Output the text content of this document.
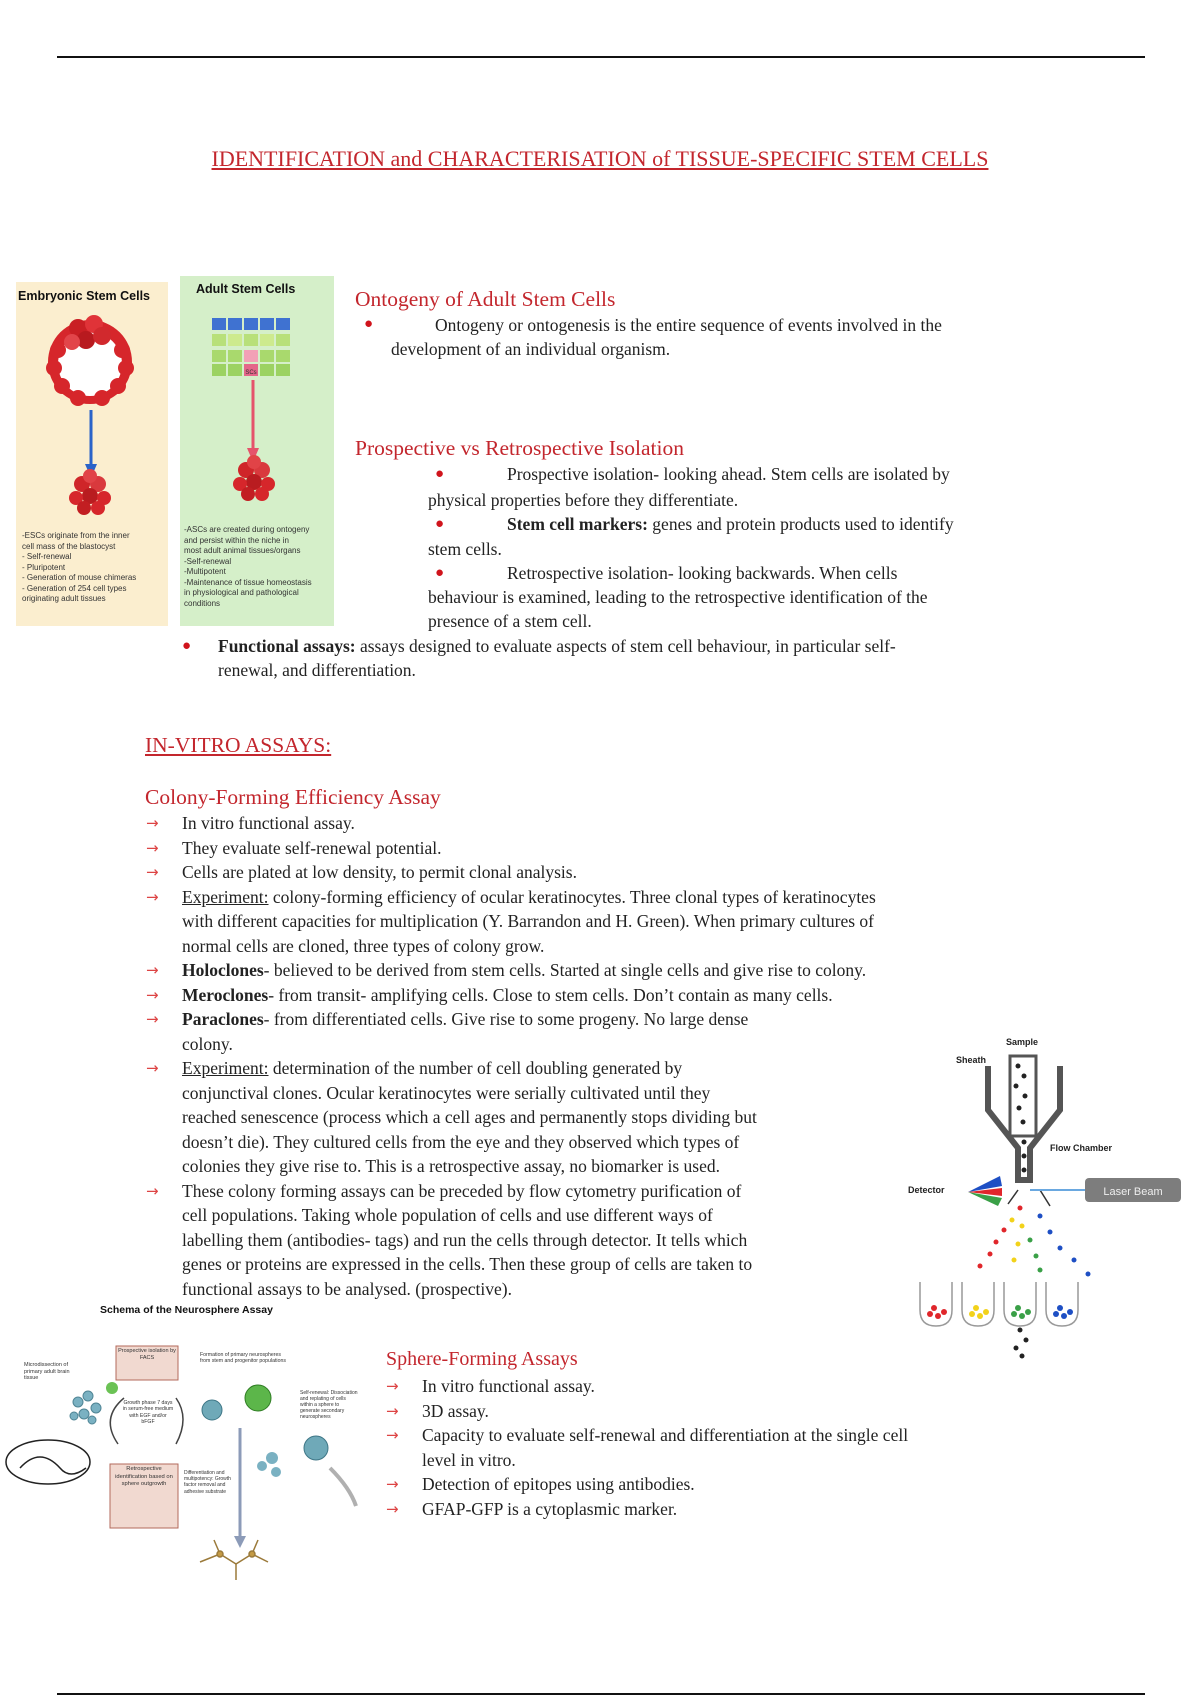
IDENTIFICATION and CHARACTERISATION of TISSUE-SPECIFIC STEM CELLS
Embryonic Stem Cells
-ESCs originate from the inner
cell mass of the blastocyst
- Self-renewal
- Pluripotent
- Generation of mouse chimeras
- Generation of 254 cell types
originating adult tissues
Adult Stem Cells
SCs
-ASCs are created during ontogeny
and persist within the niche in
most adult animal tissues/organs
-Self-renewal
-Multipotent
-Maintenance of tissue homeostasis
in physiological and pathological
conditions
Ontogeny of Adult Stem Cells
●	Ontogeny or ontogenesis is the entire sequence of events involved in the
development of an individual organism.
Prospective vs Retrospective Isolation
●	Prospective isolation- looking ahead. Stem cells are isolated by
physical properties before they differentiate.
●	Stem cell markers: genes and protein products used to identify
stem cells.
●	Retrospective isolation- looking backwards. When cells
behaviour is examined, leading to the retrospective identification of the
presence of a stem cell.
● Functional assays: assays designed to evaluate aspects of stem cell behaviour, in particular self-
renewal, and differentiation.
IN-VITRO ASSAYS:
Colony-Forming Efficiency Assay
→ In vitro functional assay.
→ They evaluate self-renewal potential.
→ Cells are plated at low density, to permit clonal analysis.
→ Experiment: colony-forming efficiency of ocular keratinocytes. Three clonal types of keratinocytes
with different capacities for multiplication (Y. Barrandon and H. Green). When primary cultures of
normal cells are cloned, three types of colony grow.
→ Holoclones- believed to be derived from stem cells. Started at single cells and give rise to colony.
→ Meroclones- from transit- amplifying cells. Close to stem cells. Don’t contain as many cells.
→ Paraclones- from differentiated cells. Give rise to some progeny. No large dense
colony.
→ Experiment: determination of the number of cell doubling generated by
conjunctival clones. Ocular keratinocytes were serially cultivated until they
reached senescence (process which a cell ages and permanently stops dividing but
doesn’t die). They cultured cells from the eye and they observed which types of
colonies they give rise to. This is a retrospective assay, no biomarker is used.
→ These colony forming assays can be preceded by flow cytometry purification of
cell populations. Taking whole population of cells and use different ways of
labelling them (antibodies- tags) and run the cells through detector. It tells which
genes or proteins are expressed in the cells. Then these group of cells are taken to
functional assays to be analysed. (prospective).
Sample
Sheath
Flow Chamber
Detector	Laser Beam
Schema of the Neurosphere Assay
Microdissection of primary adult brain tissue
Prospective isolation by FACS
Growth phase 7 days in serum-free medium with EGF and/or bFGF
Retrospective identification based on sphere outgrowth
Formation of primary neurospheres from stem and progenitor populations
Self-renewal: Dissociation and replating of cells within a sphere to generate secondary neurospheres
Differentiation and multipotency: Growth factor removal and adhesive substrate
Sphere-Forming Assays
→ In vitro functional assay.
→ 3D assay.
→ Capacity to evaluate self-renewal and differentiation at the single cell
level in vitro.
→ Detection of epitopes using antibodies.
→ GFAP-GFP is a cytoplasmic marker.
